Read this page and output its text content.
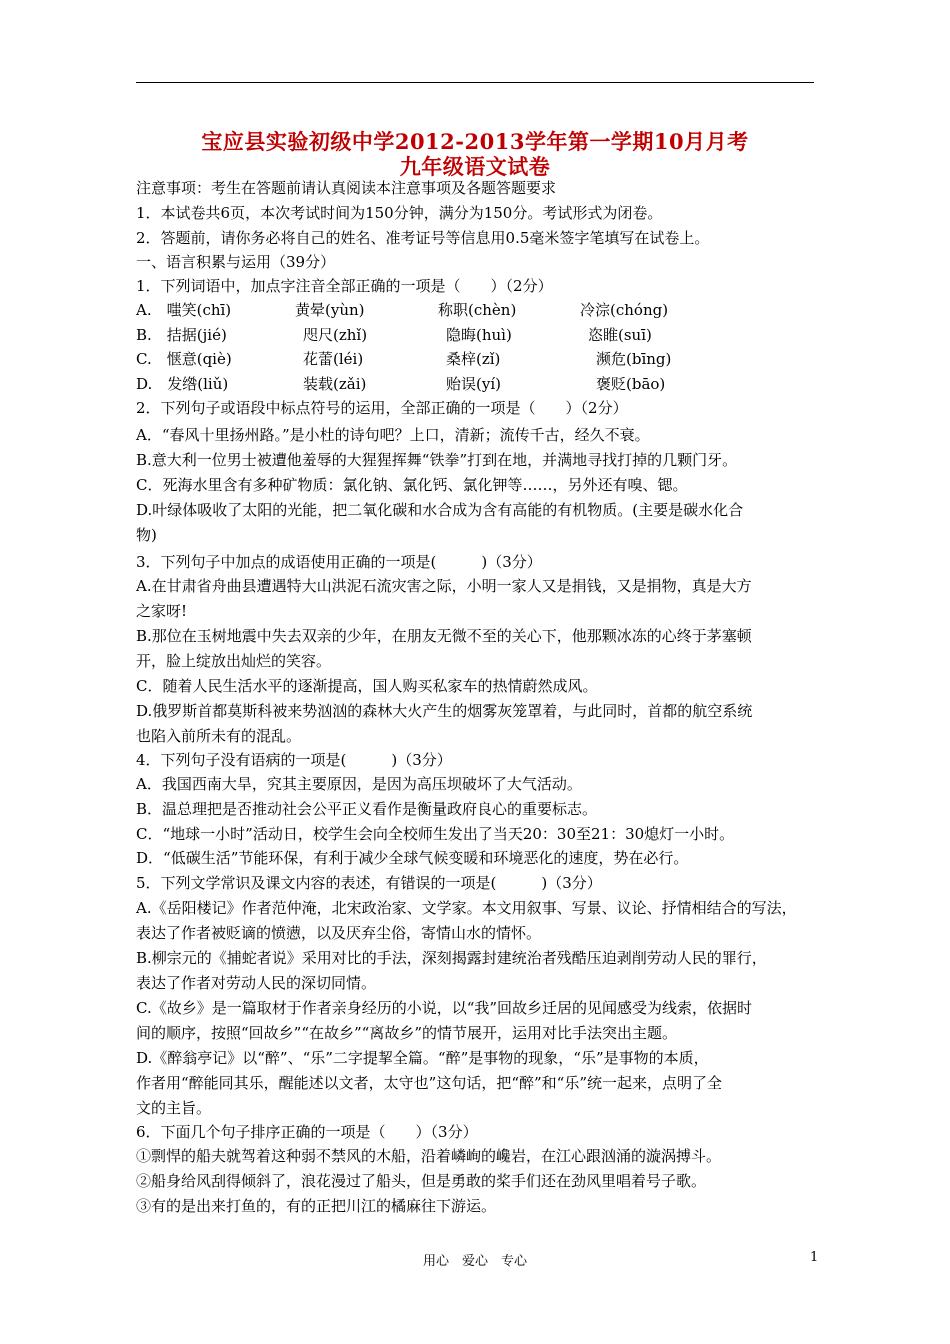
宝应县实验初级中学2012-2013学年第一学期10月月考
九年级语文试卷
注意事项：考生在答题前请认真阅读本注意事项及各题答题要求
1．本试卷共6页，本次考试时间为150分钟，满分为150分。考试形式为闭卷。
2．答题前，请你务必将自己的姓名、准考证号等信息用0.5毫米签字笔填写在试卷上。
一、语言积累与运用（39分）
1．下列词语中，加点字注音全部正确的一项是（　　）（2分）
A.　嗤笑(chī)	黄晕(yùn)	称职(chèn)	冷淙(chóng)
B.　拮据(jié)	咫尺(zhǐ)	隐晦(huì)	恣睢(suī)
C.　惬意(qiè)	花蕾(léi)	桑梓(zǐ)	濒危(bīng)
D.　发绺(liǔ)	装载(zǎi)	贻误(yí)	褒贬(bāo)
2．下列句子或语段中标点符号的运用，全部正确的一项是（　　）（2分）
A．“春风十里扬州路。”是小杜的诗句吧？上口，清新；流传千古，经久不衰。
B.意大利一位男士被遭他羞辱的大猩猩挥舞“铁拳”打到在地，并满地寻找打掉的几颗门牙。
C．死海水里含有多种矿物质：氯化钠、氯化钙、氯化钾等……，另外还有嗅、锶。
D.叶绿体吸收了太阳的光能，把二氧化碳和水合成为含有高能的有机物质。(主要是碳水化合
物)
3．下列句子中加点的成语使用正确的一项是(　　　)（3分）
A.在甘肃省舟曲县遭遇特大山洪泥石流灾害之际，小明一家人又是捐钱，又是捐物，真是大方
之家呀!
B.那位在玉树地震中失去双亲的少年，在朋友无微不至的关心下，他那颗冰冻的心终于茅塞顿
开，脸上绽放出灿烂的笑容。
C．随着人民生活水平的逐渐提高，国人购买私家车的热情蔚然成风。
D.俄罗斯首都莫斯科被来势汹汹的森林大火产生的烟雾灰笼罩着，与此同时，首都的航空系统
也陷入前所未有的混乱。
4．下列句子没有语病的一项是(　　　)（3分）
A．我国西南大旱，究其主要原因，是因为高压坝破坏了大气活动。
B．温总理把是否推动社会公平正义看作是衡量政府良心的重要标志。
C．“地球一小时”活动日，校学生会向全校师生发出了当天20：30至21：30熄灯一小时。
D．“低碳生活”节能环保，有利于减少全球气候变暖和环境恶化的速度，势在必行。
5．下列文学常识及课文内容的表述，有错误的一项是(　　　)（3分）
A.《岳阳楼记》作者范仲淹，北宋政治家、文学家。本文用叙事、写景、议论、抒情相结合的写法，
表达了作者被贬谪的愤懑，以及厌弃尘俗，寄情山水的情怀。
B.柳宗元的《捕蛇者说》采用对比的手法，深刻揭露封建统治者残酷压迫剥削劳动人民的罪行，
表达了作者对劳动人民的深切同情。
C.《故乡》是一篇取材于作者亲身经历的小说，以“我”回故乡迁居的见闻感受为线索，依据时
间的顺序，按照“回故乡”“在故乡”“离故乡”的情节展开，运用对比手法突出主题。
D.《醉翁亭记》以“醉”、“乐”二字提挈全篇。“醉”是事物的现象，“乐”是事物的本质，
作者用“醉能同其乐，醒能述以文者，太守也”这句话，把“醉”和“乐”统一起来，点明了全
文的主旨。
6．下面几个句子排序正确的一项是（　　）（3分）
①剽悍的船夫就驾着这种弱不禁风的木船，沿着嶙峋的巉岩，在江心跟汹涌的漩涡搏斗。
②船身给风刮得倾斜了，浪花漫过了船头，但是勇敢的桨手们还在劲风里唱着号子歌。
③有的是出来打鱼的，有的正把川江的橘麻往下游运。
用心　爱心　专心	1
